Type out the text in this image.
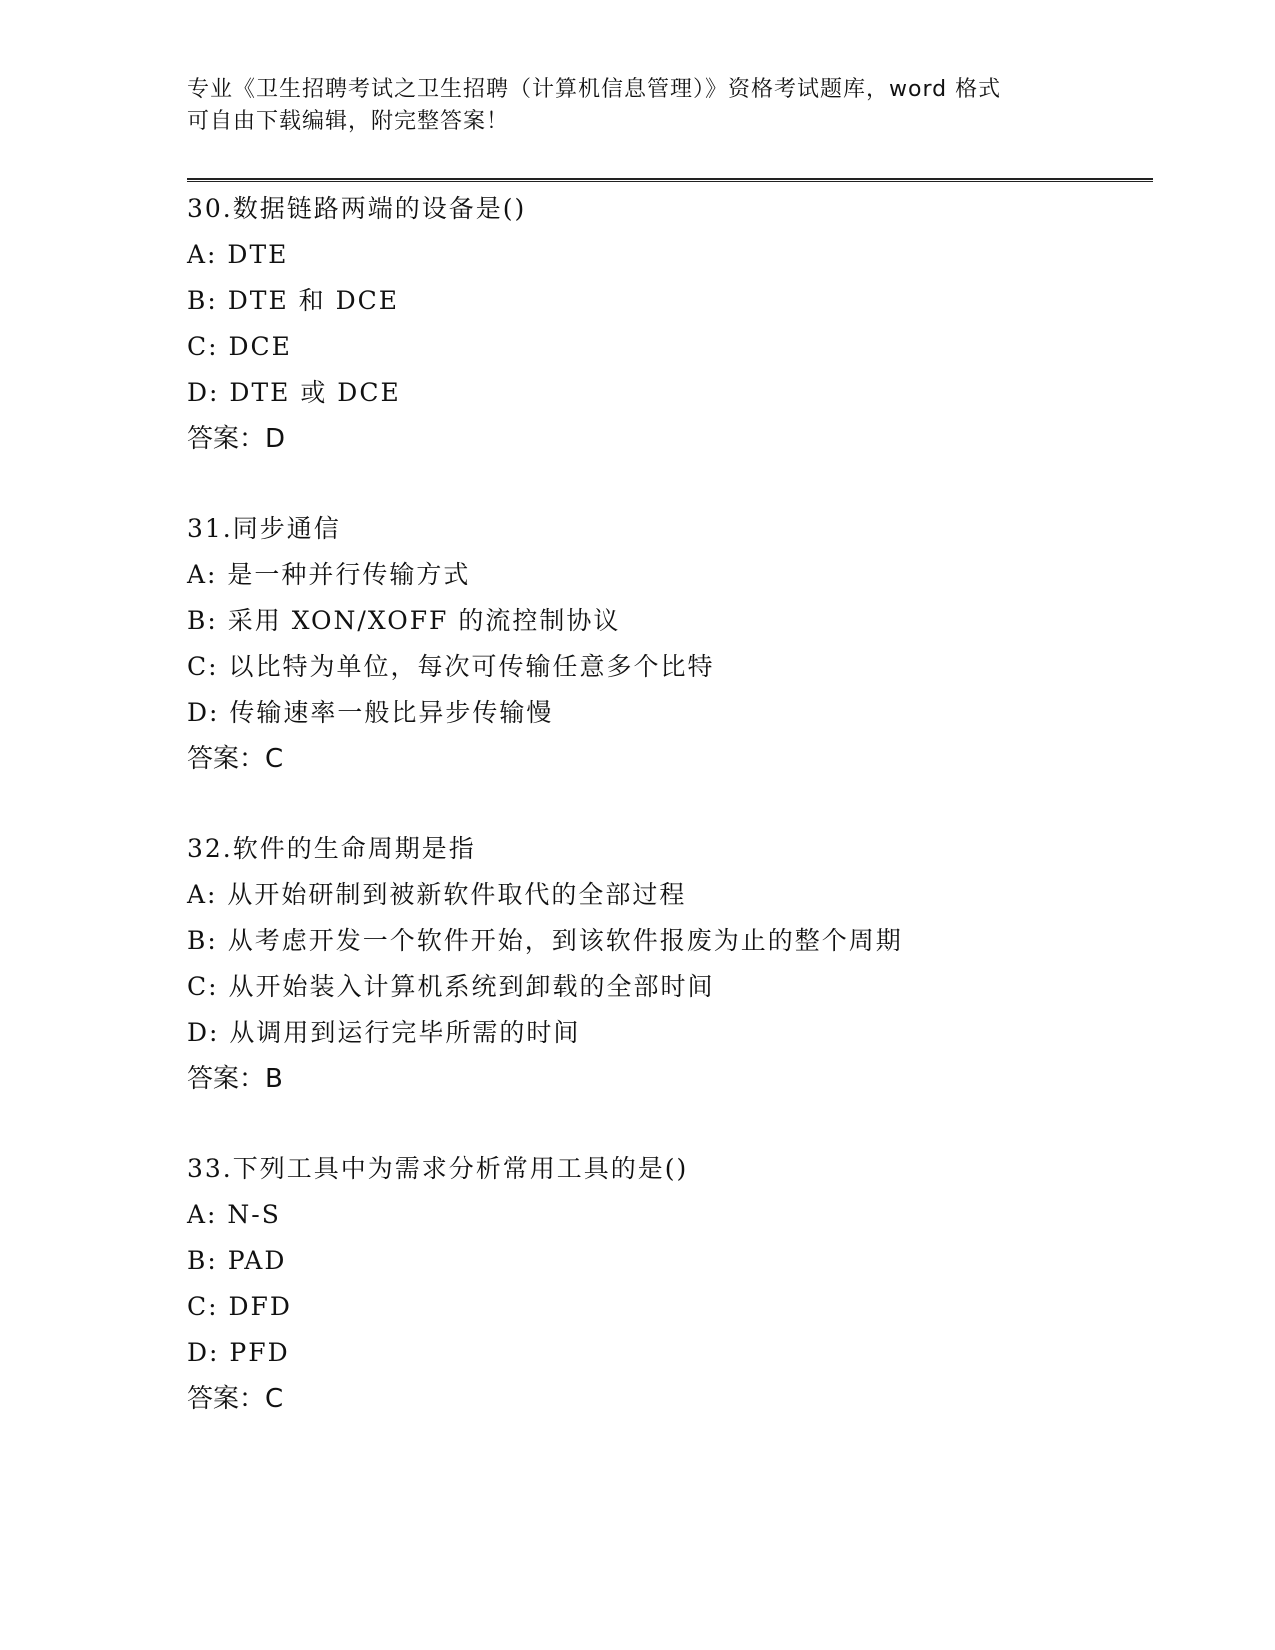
专业《卫生招聘考试之卫生招聘（计算机信息管理）》资格考试题库，word 格式
可自由下载编辑，附完整答案！
30.数据链路两端的设备是()
A: DTE
B: DTE 和 DCE
C: DCE
D: DTE 或 DCE
答案：D
31.同步通信
A: 是一种并行传输方式
B: 采用 XON/XOFF 的流控制协议
C: 以比特为单位，每次可传输任意多个比特
D: 传输速率一般比异步传输慢
答案：C
32.软件的生命周期是指
A: 从开始研制到被新软件取代的全部过程
B: 从考虑开发一个软件开始，到该软件报废为止的整个周期
C: 从开始装入计算机系统到卸载的全部时间
D: 从调用到运行完毕所需的时间
答案：B
33.下列工具中为需求分析常用工具的是()
A: N-S
B: PAD
C: DFD
D: PFD
答案：C
